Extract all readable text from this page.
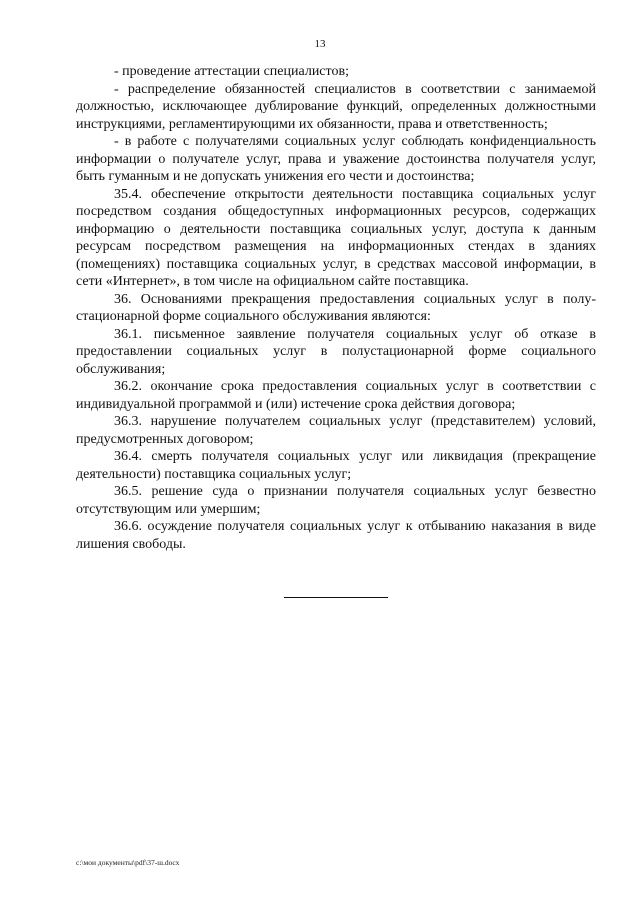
13

- проведение аттестации специалистов;

- распределение обязанностей специалистов в соответствии с занимаемой должностью, исключающее дублирование функций, определенных должностными инструкциями, регламентирующими их обязанности, права и ответственность;

- в работе с получателями социальных услуг соблюдать конфиденциальность информации о получателе услуг, права и уважение достоинства получателя услуг, быть гуманным и не допускать унижения его чести и достоинства;

35.4. обеспечение открытости деятельности поставщика социальных услуг посредством создания общедоступных информационных ресурсов, содержащих информацию о деятельности поставщика социальных услуг, доступа к данным ресурсам посредством размещения на информационных стендах в зданиях (помещениях) поставщика социальных услуг, в средствах массовой информации, в сети «Интернет», в том числе на официальном сайте поставщика.

36. Основаниями прекращения предоставления социальных услуг в полу-стационарной форме социального обслуживания являются:

36.1. письменное заявление получателя социальных услуг об отказе в предоставлении социальных услуг в полустационарной форме социального обслуживания;

36.2. окончание срока предоставления социальных услуг в соответствии с индивидуальной программой и (или) истечение срока действия договора;

36.3. нарушение получателем социальных услуг (представителем) условий, предусмотренных договором;

36.4. смерть получателя социальных услуг или ликвидация (прекращение деятельности) поставщика социальных услуг;

36.5. решение суда о признании получателя социальных услуг безвестно отсутствующим или умершим;

36.6. осуждение получателя социальных услуг к отбыванию наказания в виде лишения свободы.

c:\мои документы\pdf\37-ш.docx
